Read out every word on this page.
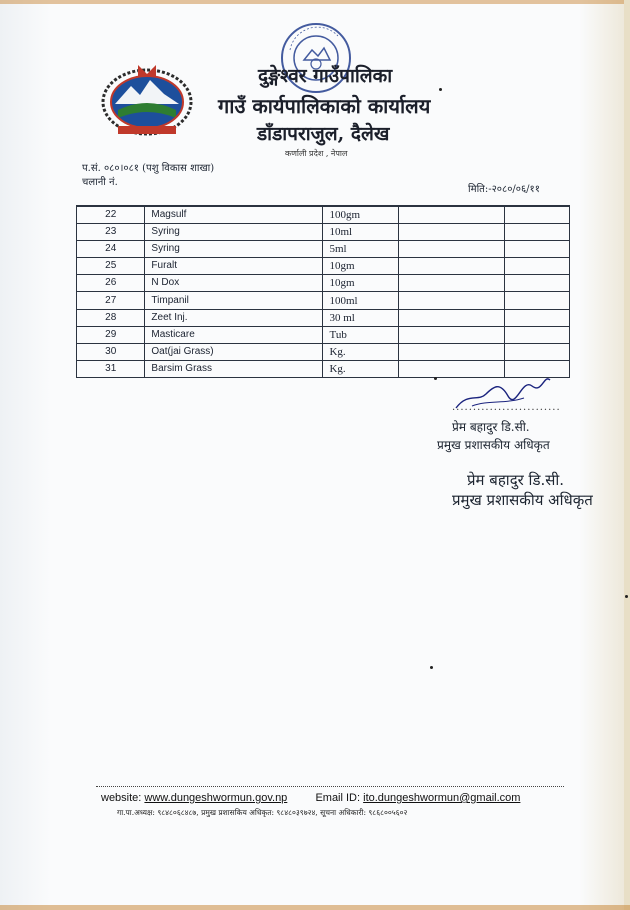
दुङ्गेश्वर गाउँपालिका
गाउँ कार्यपालिकाको कार्यालय
डाँडापराजुल, दैलेख
कर्णाली प्रदेश , नेपाल
प.सं. ०८०।०८१ (पशु विकास शाखा)
चलानी नं.
मिति:-२०८०/०६/११
22	Magsulf	100gm		
23	Syring	10ml		
24	Syring	5ml		
25	Furalt	10gm		
26	N Dox	10gm		
27	Timpanil	100ml		
28	Zeet Inj.	30 ml		
29	Masticare	Tub		
30	Oat(jai Grass)	Kg.		
31	Barsim Grass	Kg.		
..........................
प्रेम बहादुर डि.सी.
प्रमुख प्रशासकीय अधिकृत
प्रेम बहादुर डि.सी.
प्रमुख प्रशासकीय अधिकृत
website: www.dungeshwormun.gov.np	Email ID: ito.dungeshwormun@gmail.com
गा.पा.अध्यक्ष: ९८४८०६८४८७, प्रमुख प्रशासकिय अधिकृत: ९८४८०३९७२४, सूचना अधिकारी: ९८६८००५६०२
